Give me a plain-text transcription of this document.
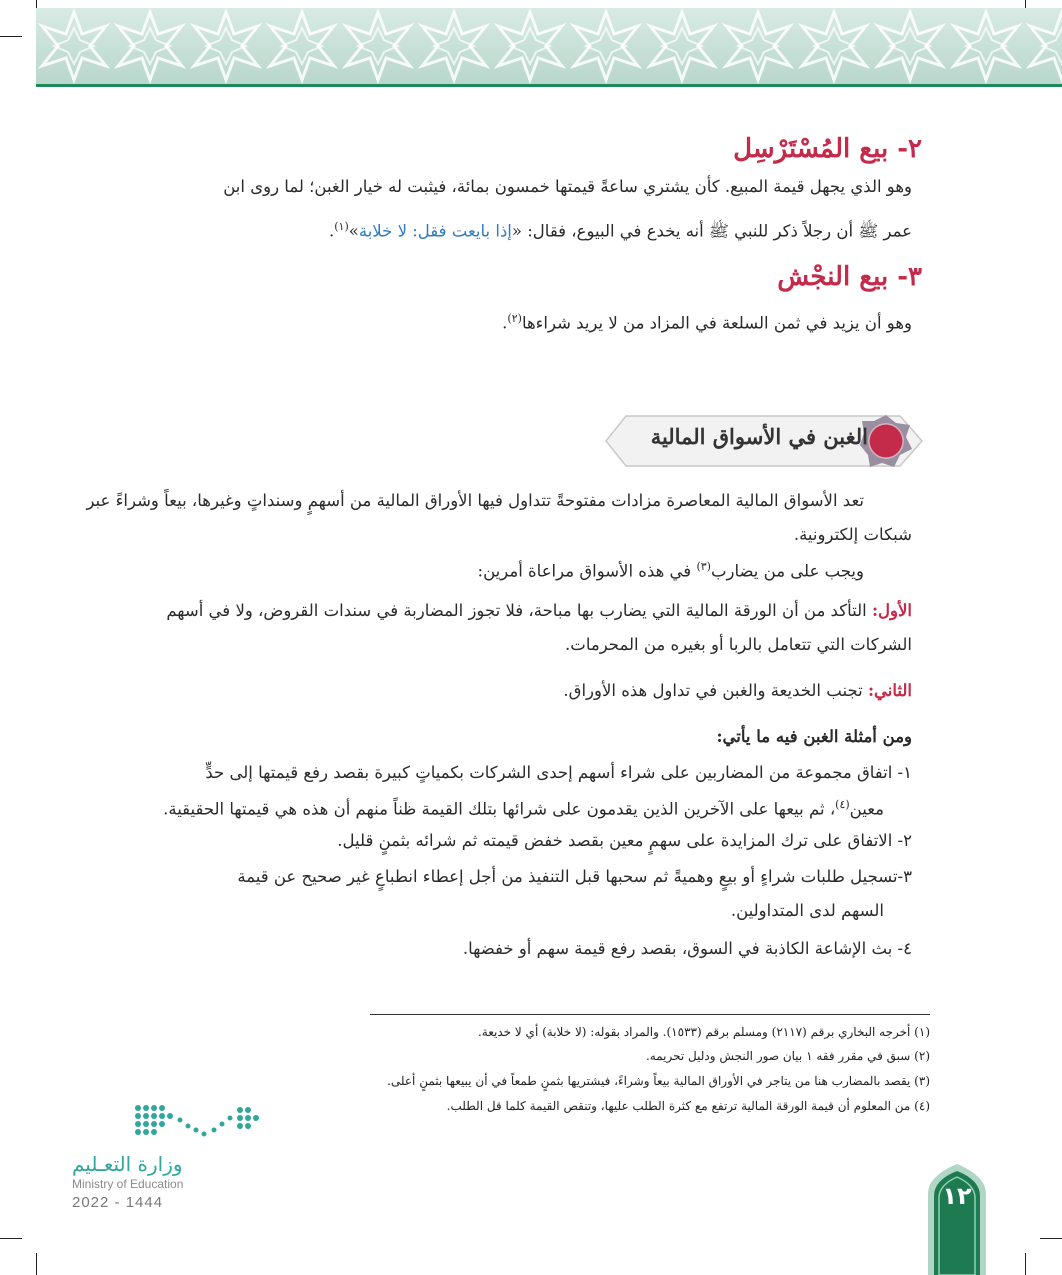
٢- بيع المُسْتَرْسِل
وهو الذي يجهل قيمة المبيع. كأن يشتري ساعةً قيمتها خمسون بمائة، فيثبت له خيار الغبن؛ لما روى ابن
عمر ﷺ أن رجلاً ذكر للنبي ﷺ أنه يخدع في البيوع، فقال: «إذا بايعت فقل: لا خلابة»$^{(١)}$.
٣- بيع النجْش
وهو أن يزيد في ثمن السلعة في المزاد من لا يريد شراءها$^{(٢)}$.
الغبن في الأسواق المالية
تعد الأسواق المالية المعاصرة مزادات مفتوحةً تتداول فيها الأوراق المالية من أسهمٍ وسنداتٍ وغيرها، بيعاً وشراءً عبر
شبكات إلكترونية.
ويجب على من يضارب$^{(٣)}$ في هذه الأسواق مراعاة أمرين:
الأول: التأكد من أن الورقة المالية التي يضارب بها مباحة، فلا تجوز المضاربة في سندات القروض، ولا في أسهم
الشركات التي تتعامل بالربا أو بغيره من المحرمات.
الثاني: تجنب الخديعة والغبن في تداول هذه الأوراق.
ومن أمثلة الغبن فيه ما يأتي:
١- اتفاق مجموعة من المضاربين على شراء أسهم إحدى الشركات بكمياتٍ كبيرة بقصد رفع قيمتها إلى حدٍّ
معين$^{(٤)}$، ثم بيعها على الآخرين الذين يقدمون على شرائها بتلك القيمة ظناً منهم أن هذه هي قيمتها الحقيقية.
٢- الاتفاق على ترك المزايدة على سهمٍ معين بقصد خفض قيمته ثم شرائه بثمنٍ قليل.
٣-تسجيل طلبات شراءٍ أو بيعٍ وهميةً ثم سحبها قبل التنفيذ من أجل إعطاء انطباعٍ غير صحيح عن قيمة
السهم لدى المتداولين.
٤- بث الإشاعة الكاذبة في السوق، بقصد رفع قيمة سهم أو خفضها.
(١) أخرجه البخاري برقم (٢١١٧) ومسلم برقم (١٥٣٣). والمراد بقوله: (لا خلابة) أي لا خديعة.
(٢) سبق في مقرر فقه ١ بيان صور النجش ودليل تحريمه.
(٣) يقصد بالمضارب هنا من يتاجر في الأوراق المالية بيعاً وشراءً، فيشتريها بثمنٍ طمعاً في أن يبيعها بثمنٍ أعلى.
(٤) من المعلوم أن قيمة الورقة المالية ترتفع مع كثرة الطلب عليها، وتنقص القيمة كلما قل الطلب.
وزارة التعـليم
Ministry of Education
2022 - 1444	١٢
